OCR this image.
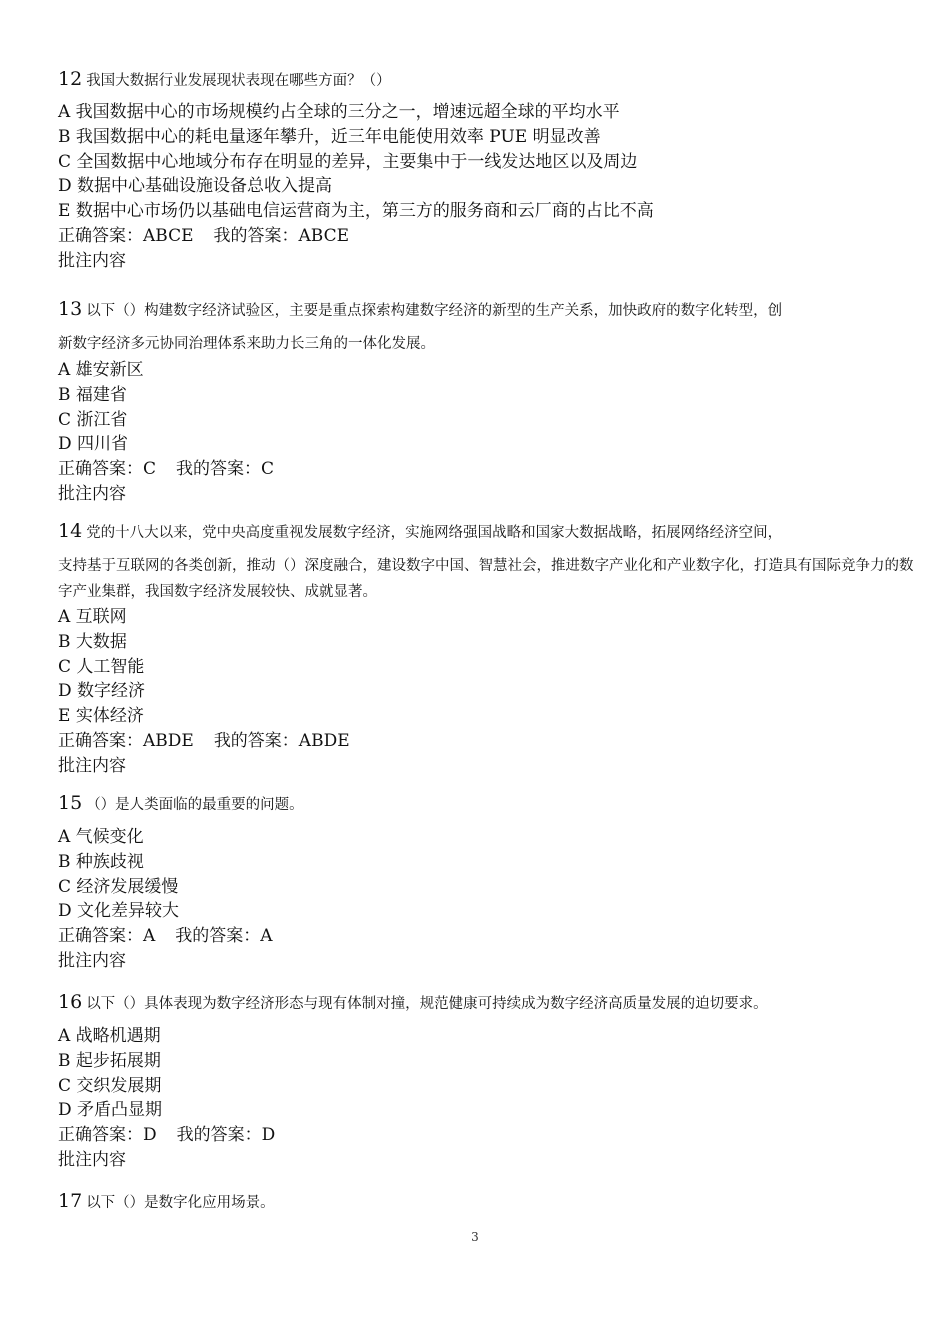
12 我国大数据行业发展现状表现在哪些方面？（）
A 我国数据中心的市场规模约占全球的三分之一，增速远超全球的平均水平
B 我国数据中心的耗电量逐年攀升，近三年电能使用效率 PUE 明显改善
C 全国数据中心地域分布存在明显的差异，主要集中于一线发达地区以及周边
D 数据中心基础设施设备总收入提高
E 数据中心市场仍以基础电信运营商为主，第三方的服务商和云厂商的占比不高
正确答案：ABCE 我的答案：ABCE
批注内容
13 以下（）构建数字经济试验区，主要是重点探索构建数字经济的新型的生产关系，加快政府的数字化转型，创
新数字经济多元协同治理体系来助力长三角的一体化发展。
A 雄安新区
B 福建省
C 浙江省
D 四川省
正确答案：C 我的答案：C
批注内容
14 党的十八大以来，党中央高度重视发展数字经济，实施网络强国战略和国家大数据战略，拓展网络经济空间，
支持基于互联网的各类创新，推动（）深度融合，建设数字中国、智慧社会，推进数字产业化和产业数字化，打造具有国际竞争力的数字产业集群，我国数字经济发展较快、成就显著。
A 互联网
B 大数据
C 人工智能
D 数字经济
E 实体经济
正确答案：ABDE 我的答案：ABDE
批注内容
15 （）是人类面临的最重要的问题。
A 气候变化
B 种族歧视
C 经济发展缓慢
D 文化差异较大
正确答案：A 我的答案：A
批注内容
16 以下（）具体表现为数字经济形态与现有体制对撞，规范健康可持续成为数字经济高质量发展的迫切要求。
A 战略机遇期
B 起步拓展期
C 交织发展期
D 矛盾凸显期
正确答案：D 我的答案：D
批注内容
17 以下（）是数字化应用场景。
3
